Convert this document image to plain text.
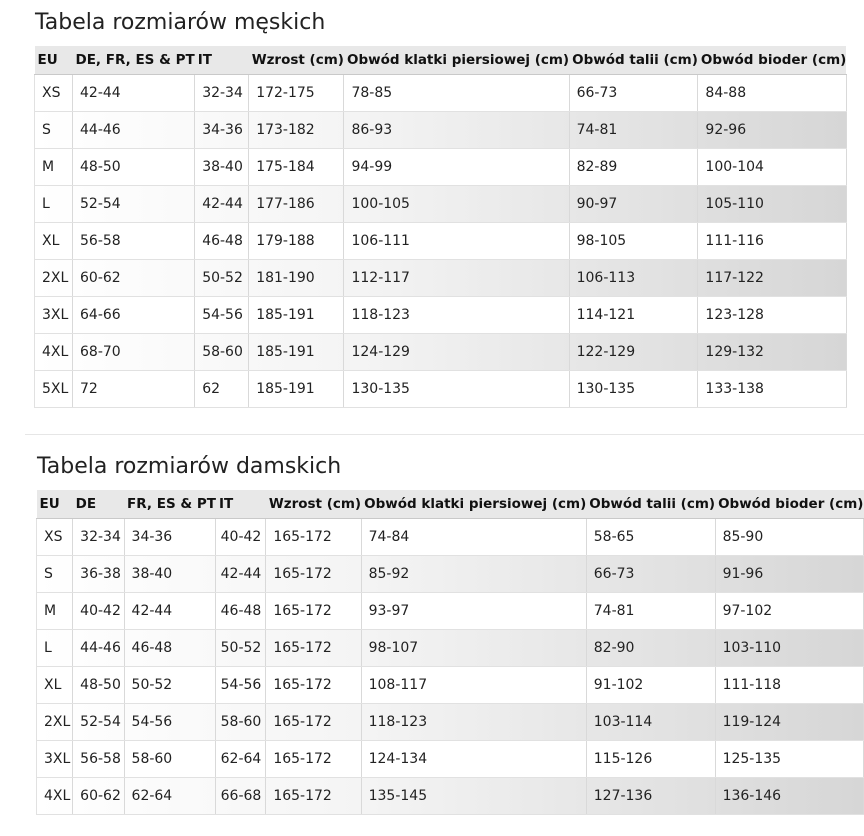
Tabela rozmiarów męskich
EU	DE, FR, ES & PT	IT	Wzrost (cm)	Obwód klatki piersiowej (cm)	Obwód talii (cm)	Obwód bioder (cm)
XS	42-44	32-34	172-175	78-85	66-73	84-88
S	44-46	34-36	173-182	86-93	74-81	92-96
M	48-50	38-40	175-184	94-99	82-89	100-104
L	52-54	42-44	177-186	100-105	90-97	105-110
XL	56-58	46-48	179-188	106-111	98-105	111-116
2XL	60-62	50-52	181-190	112-117	106-113	117-122
3XL	64-66	54-56	185-191	118-123	114-121	123-128
4XL	68-70	58-60	185-191	124-129	122-129	129-132
5XL	72	62	185-191	130-135	130-135	133-138
Tabela rozmiarów damskich
EU	DE	FR, ES & PT	IT	Wzrost (cm)	Obwód klatki piersiowej (cm)	Obwód talii (cm)	Obwód bioder (cm)
XS	32-34	34-36	40-42	165-172	74-84	58-65	85-90
S	36-38	38-40	42-44	165-172	85-92	66-73	91-96
M	40-42	42-44	46-48	165-172	93-97	74-81	97-102
L	44-46	46-48	50-52	165-172	98-107	82-90	103-110
XL	48-50	50-52	54-56	165-172	108-117	91-102	111-118
2XL	52-54	54-56	58-60	165-172	118-123	103-114	119-124
3XL	56-58	58-60	62-64	165-172	124-134	115-126	125-135
4XL	60-62	62-64	66-68	165-172	135-145	127-136	136-146
